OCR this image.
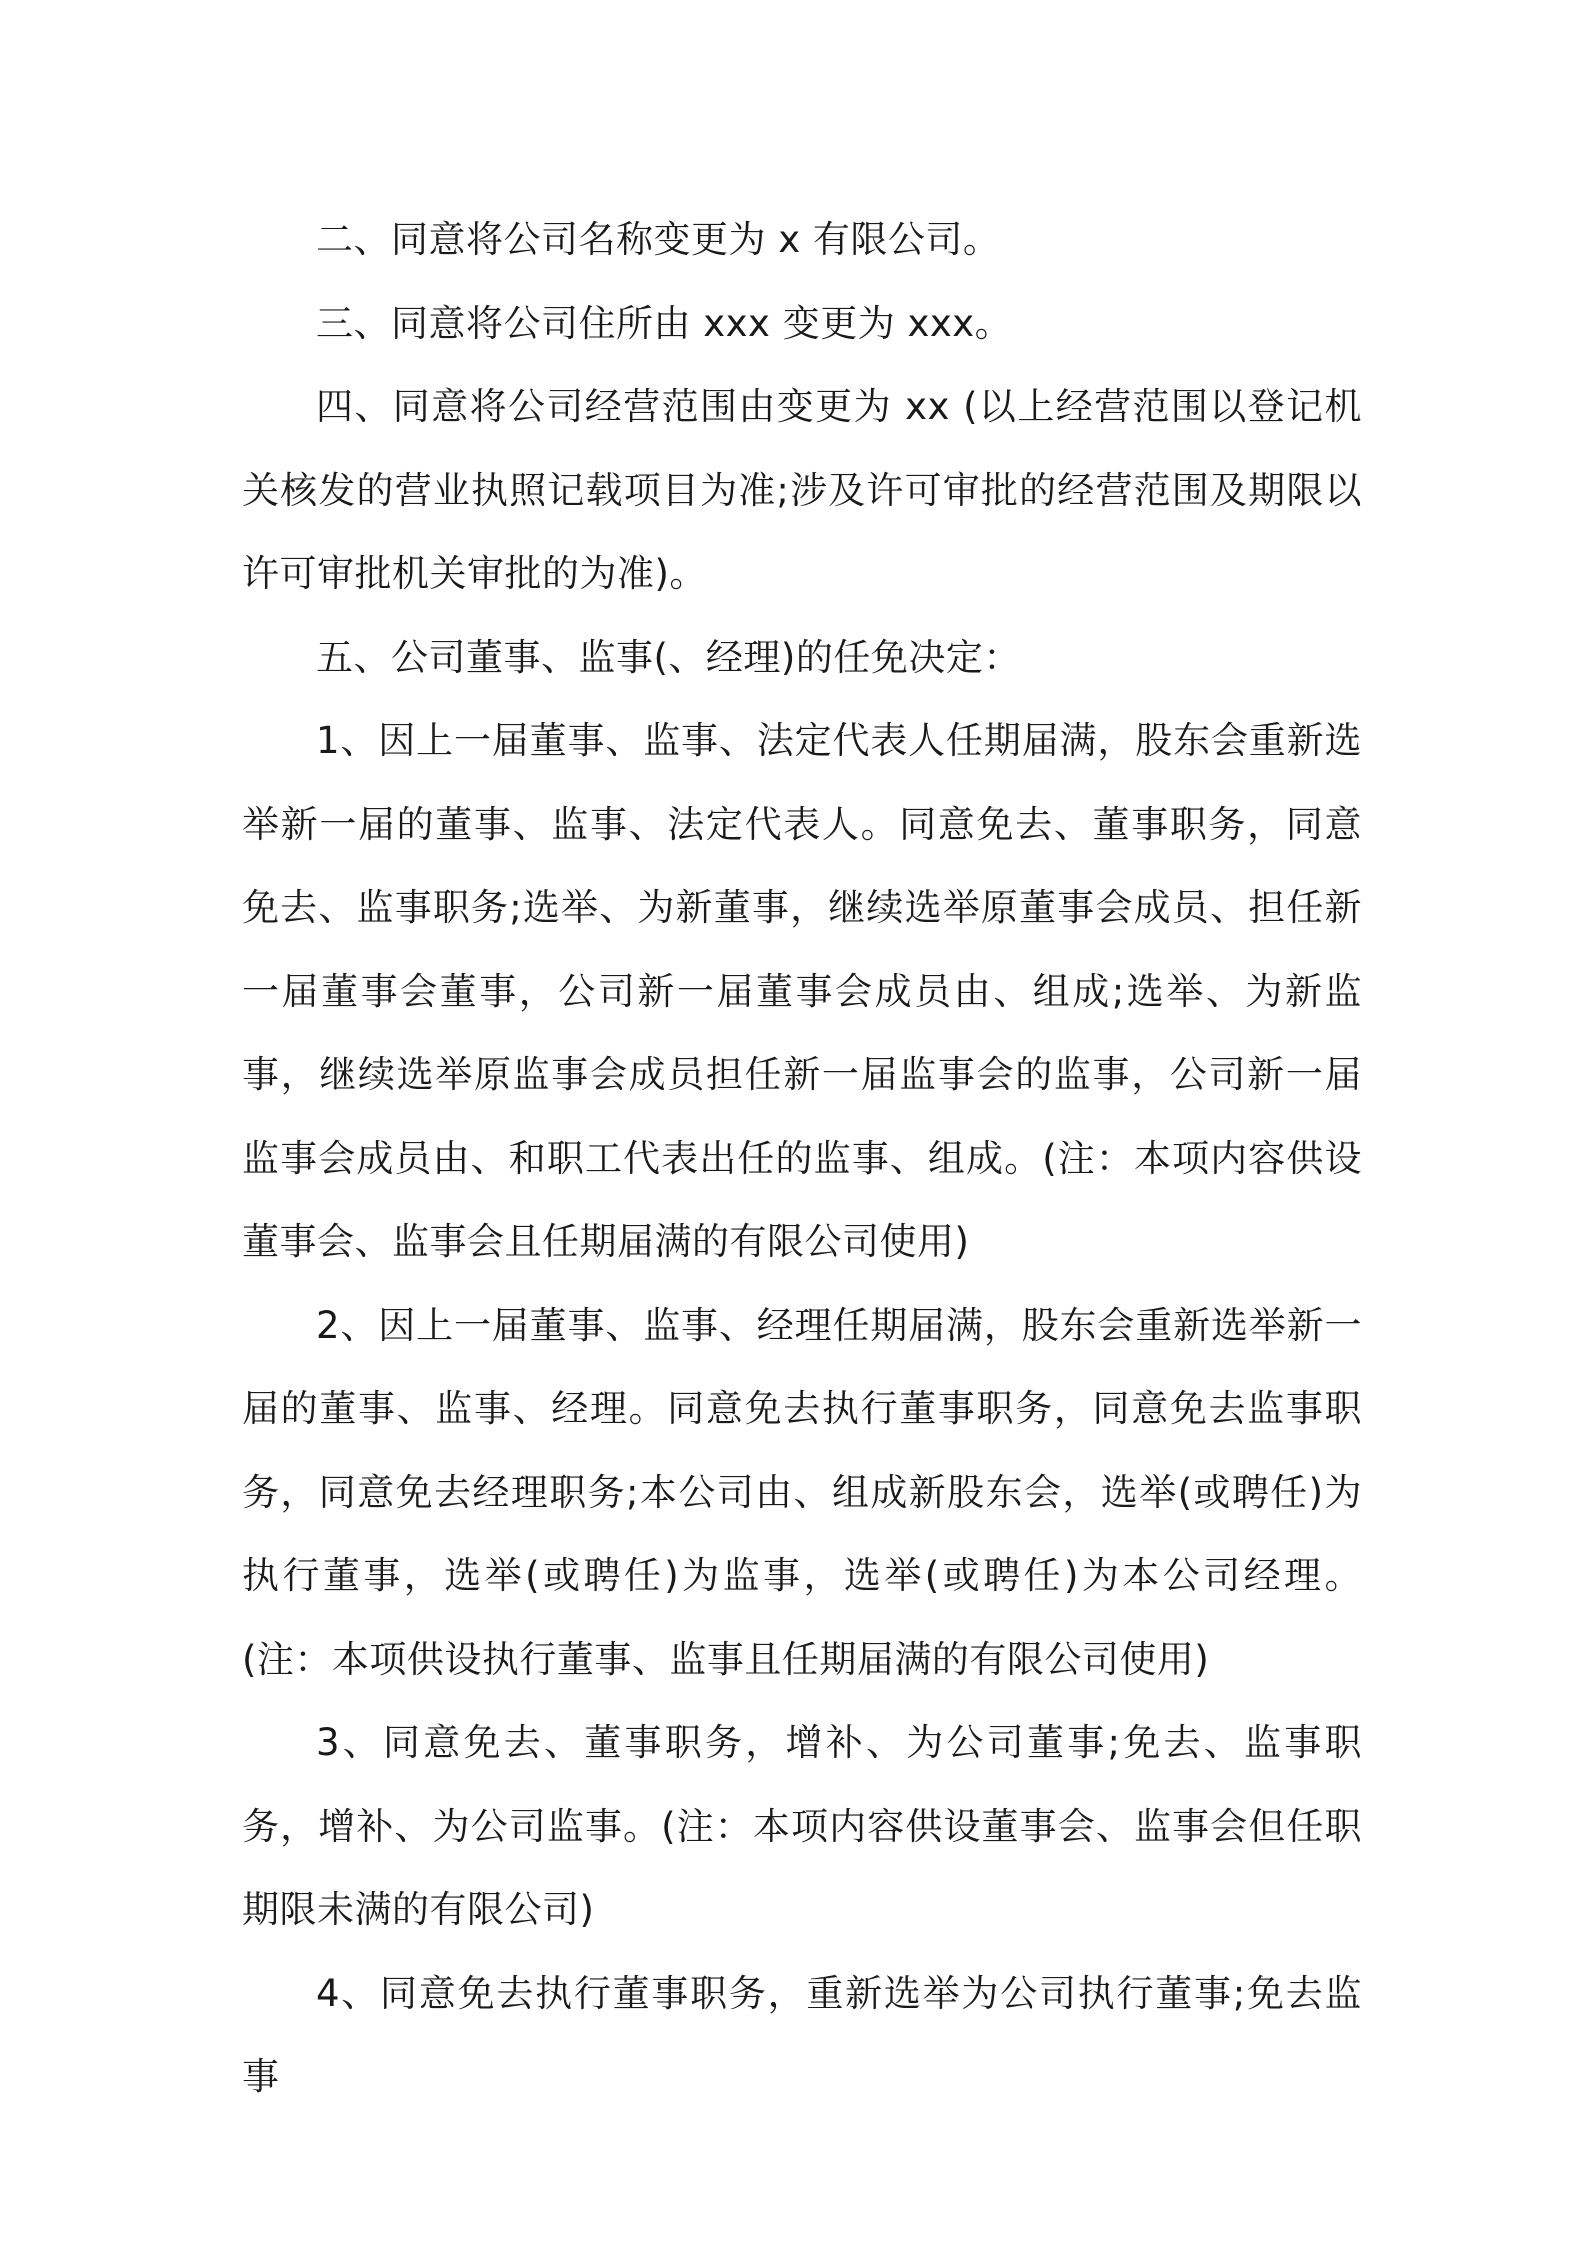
二、同意将公司名称变更为 x 有限公司。

三、同意将公司住所由 xxx 变更为 xxx。

四、同意将公司经营范围由变更为 xx (以上经营范围以登记机关核发的营业执照记载项目为准;涉及许可审批的经营范围及期限以许可审批机关审批的为准)。

五、公司董事、监事(、经理)的任免决定：

1、因上一届董事、监事、法定代表人任期届满，股东会重新选举新一届的董事、监事、法定代表人。同意免去、董事职务，同意免去、监事职务;选举、为新董事，继续选举原董事会成员、担任新一届董事会董事，公司新一届董事会成员由、组成;选举、为新监事，继续选举原监事会成员担任新一届监事会的监事，公司新一届监事会成员由、和职工代表出任的监事、组成。(注：本项内容供设董事会、监事会且任期届满的有限公司使用)

2、因上一届董事、监事、经理任期届满，股东会重新选举新一届的董事、监事、经理。同意免去执行董事职务，同意免去监事职务，同意免去经理职务;本公司由、组成新股东会，选举(或聘任)为执行董事，选举(或聘任)为监事，选举(或聘任)为本公司经理。(注：本项供设执行董事、监事且任期届满的有限公司使用)

3、同意免去、董事职务，增补、为公司董事;免去、监事职务，增补、为公司监事。(注：本项内容供设董事会、监事会但任职期限未满的有限公司)

4、同意免去执行董事职务，重新选举为公司执行董事;免去监事
